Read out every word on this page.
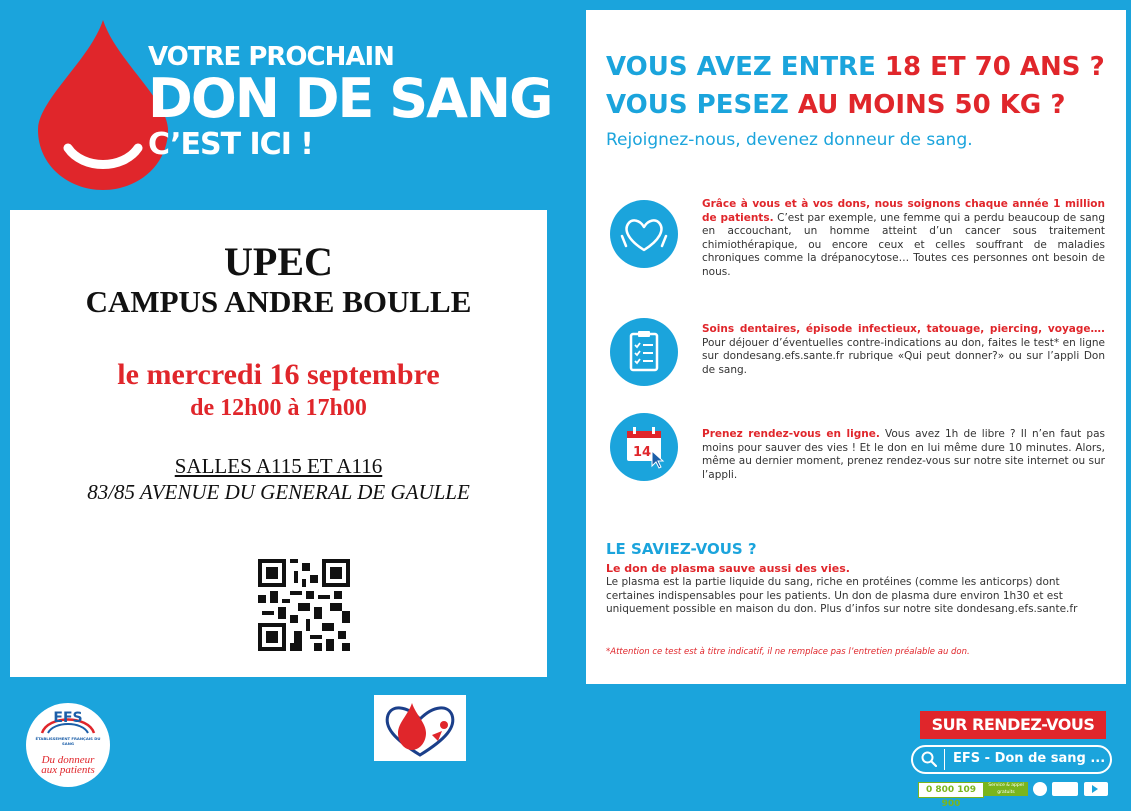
VOTRE PROCHAIN
DON DE SANG
C’EST ICI !
UPEC
CAMPUS ANDRE BOULLE
le mercredi 16 septembre
de 12h00 à 17h00
SALLES A115 ET A116
83/85 AVENUE DU GENERAL DE GAULLE
VOUS AVEZ ENTRE 18 ET 70 ANS ?
VOUS PESEZ AU MOINS 50 KG ?
Rejoignez-nous, devenez donneur de sang.
Grâce à vous et à vos dons, nous soignons chaque année 1 million de patients. C’est par exemple, une femme qui a perdu beaucoup de sang en accouchant, un homme atteint d’un cancer sous traitement chimiothérapique, ou encore ceux et celles souffrant de maladies chroniques comme la drépanocytose… Toutes ces personnes ont besoin de nous.
Soins dentaires, épisode infectieux, tatouage, piercing, voyage…. Pour déjouer d’éventuelles contre-indications au don, faites le test* en ligne sur dondesang.efs.sante.fr rubrique «Qui peut donner?» ou sur l’appli Don de sang.
14
Prenez rendez-vous en ligne. Vous avez 1h de libre ? Il n’en faut pas moins pour sauver des vies ! Et le don en lui même dure 10 minutes. Alors, même au dernier moment, prenez rendez-vous sur notre site internet ou sur l’appli.
LE SAVIEZ-VOUS ?
Le don de plasma sauve aussi des vies.
Le plasma est la partie liquide du sang, riche en protéines (comme les anticorps) dont certaines indispensables pour les patients. Un don de plasma dure environ 1h30 et est uniquement possible en maison du don. Plus d’infos sur notre site dondesang.efs.sante.fr
*Attention ce test est à titre indicatif, il ne remplace pas l’entretien préalable au don.
EFS
ÉTABLISSEMENT FRANÇAIS DU SANG
Du donneur aux patients
SUR RENDEZ-VOUS
EFS - Don de sang ...
0 800 109 900
Service & appel gratuits
